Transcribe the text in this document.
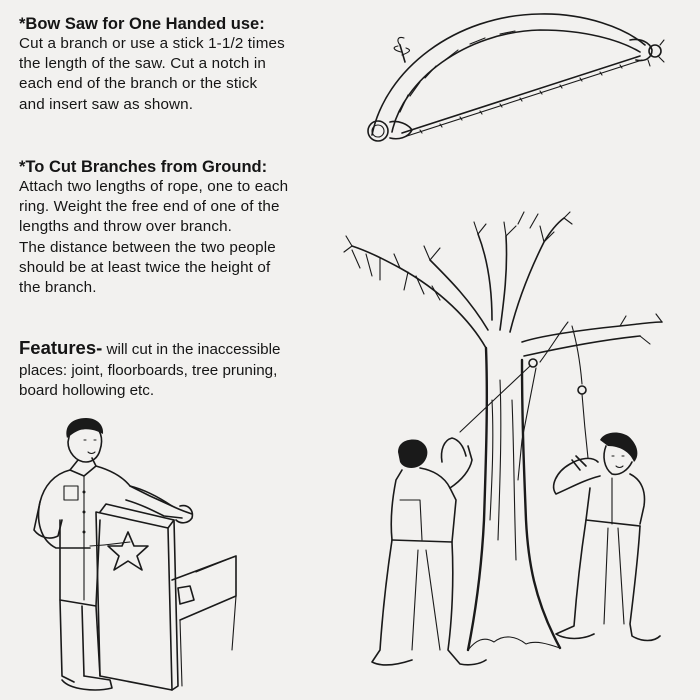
*Bow Saw for One Handed use:
Cut a branch or use a stick 1-1/2 times
the length of the saw. Cut a notch in
each end of the branch or the stick
and insert saw as shown.
*To Cut Branches from Ground:
Attach two lengths of rope, one to each
ring. Weight the free end of one of the
lengths and throw over branch.
The distance between the two people
should be at least twice the height of
the branch.

Features- will cut in the inaccessible

places: joint, floorboards, tree pruning,

board hollowing etc.
